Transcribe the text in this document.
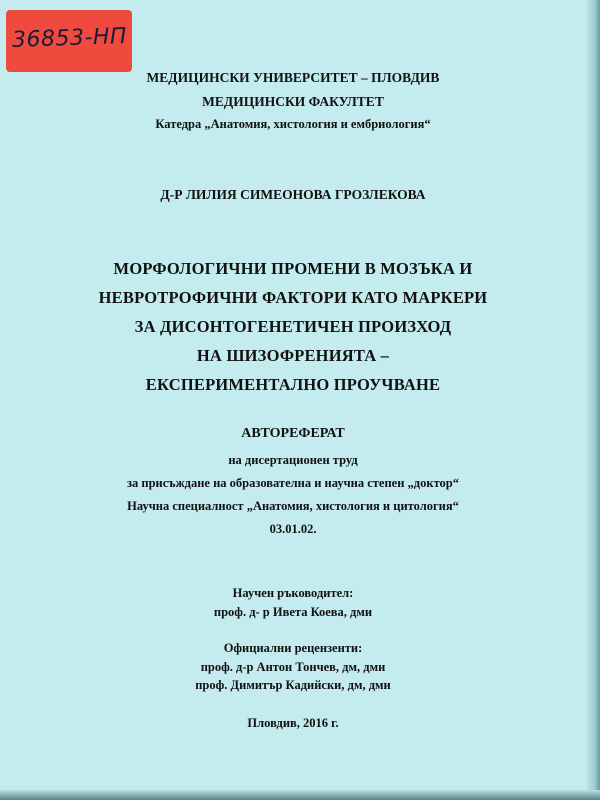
36853-НП
МЕДИЦИНСКИ УНИВЕРСИТЕТ – ПЛОВДИВ
МЕДИЦИНСКИ ФАКУЛТЕТ
Катедра „Анатомия, хистология и ембриология“
Д-Р ЛИЛИЯ СИМЕОНОВА ГРОЗЛЕКОВА
МОРФОЛОГИЧНИ ПРОМЕНИ В МОЗЪКА И
НЕВРОТРОФИЧНИ ФАКТОРИ КАТО МАРКЕРИ
ЗА ДИСОНТОГЕНЕТИЧЕН ПРОИЗХОД
НА ШИЗОФРЕНИЯТА –
ЕКСПЕРИМЕНТАЛНО ПРОУЧВАНЕ
АВТОРЕФЕРАТ
на дисертационен труд
за присъждане на образователна и научна степен „доктор“
Научна специалност „Анатомия, хистология и цитология“
03.01.02.
Научен ръководител:
проф. д- р Ивета Коева, дми
Официални рецензенти:
проф. д-р Антон Тончев, дм, дми
проф. Димитър Кадийски, дм, дми
Пловдив, 2016 г.
